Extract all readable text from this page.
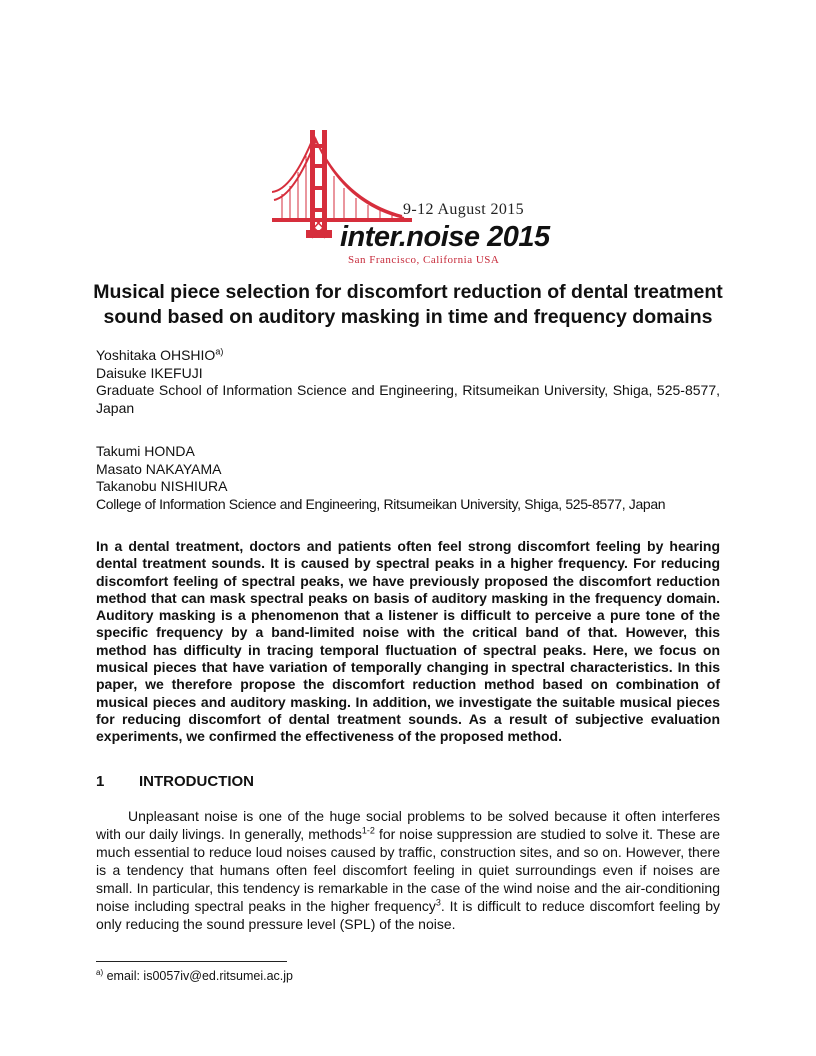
9-12 August 2015
inter.noise 2015
San Francisco, California USA
Musical piece selection for discomfort reduction of dental treatment
sound based on auditory masking in time and frequency domains
Yoshitaka OHSHIO$^{a)}$
Daisuke IKEFUJI

Graduate School of Information Science and Engineering, Ritsumeikan University, Shiga, 525-8577, Japan

Takumi HONDA
Masato NAKAYAMA
Takanobu NISHIURA
College of Information Science and Engineering, Ritsumeikan University, Shiga, 525-8577, Japan

In a dental treatment, doctors and patients often feel strong discomfort feeling by hearing dental treatment sounds. It is caused by spectral peaks in a higher frequency. For reducing discomfort feeling of spectral peaks, we have previously proposed the discomfort reduction method that can mask spectral peaks on basis of auditory masking in the frequency domain. Auditory masking is a phenomenon that a listener is difficult to perceive a pure tone of the specific frequency by a band-limited noise with the critical band of that. However, this method has difficulty in tracing temporal fluctuation of spectral peaks. Here, we focus on musical pieces that have variation of temporally changing in spectral characteristics. In this paper, we therefore propose the discomfort reduction method based on combination of musical pieces and auditory masking. In addition, we investigate the suitable musical pieces for reducing discomfort of dental treatment sounds. As a result of subjective evaluation experiments, we confirmed the effectiveness of the proposed method.

1 INTRODUCTION

Unpleasant noise is one of the huge social problems to be solved because it often interferes with our daily livings. In generally, methods$^{1-2}$ for noise suppression are studied to solve it. These are much essential to reduce loud noises caused by traffic, construction sites, and so on. However, there is a tendency that humans often feel discomfort feeling in quiet surroundings even if noises are small. In particular, this tendency is remarkable in the case of the wind noise and the air-conditioning noise including spectral peaks in the higher frequency$^3$. It is difficult to reduce discomfort feeling by only reducing the sound pressure level (SPL) of the noise.

$^{a)}$ email: is0057iv@ed.ritsumei.ac.jp
